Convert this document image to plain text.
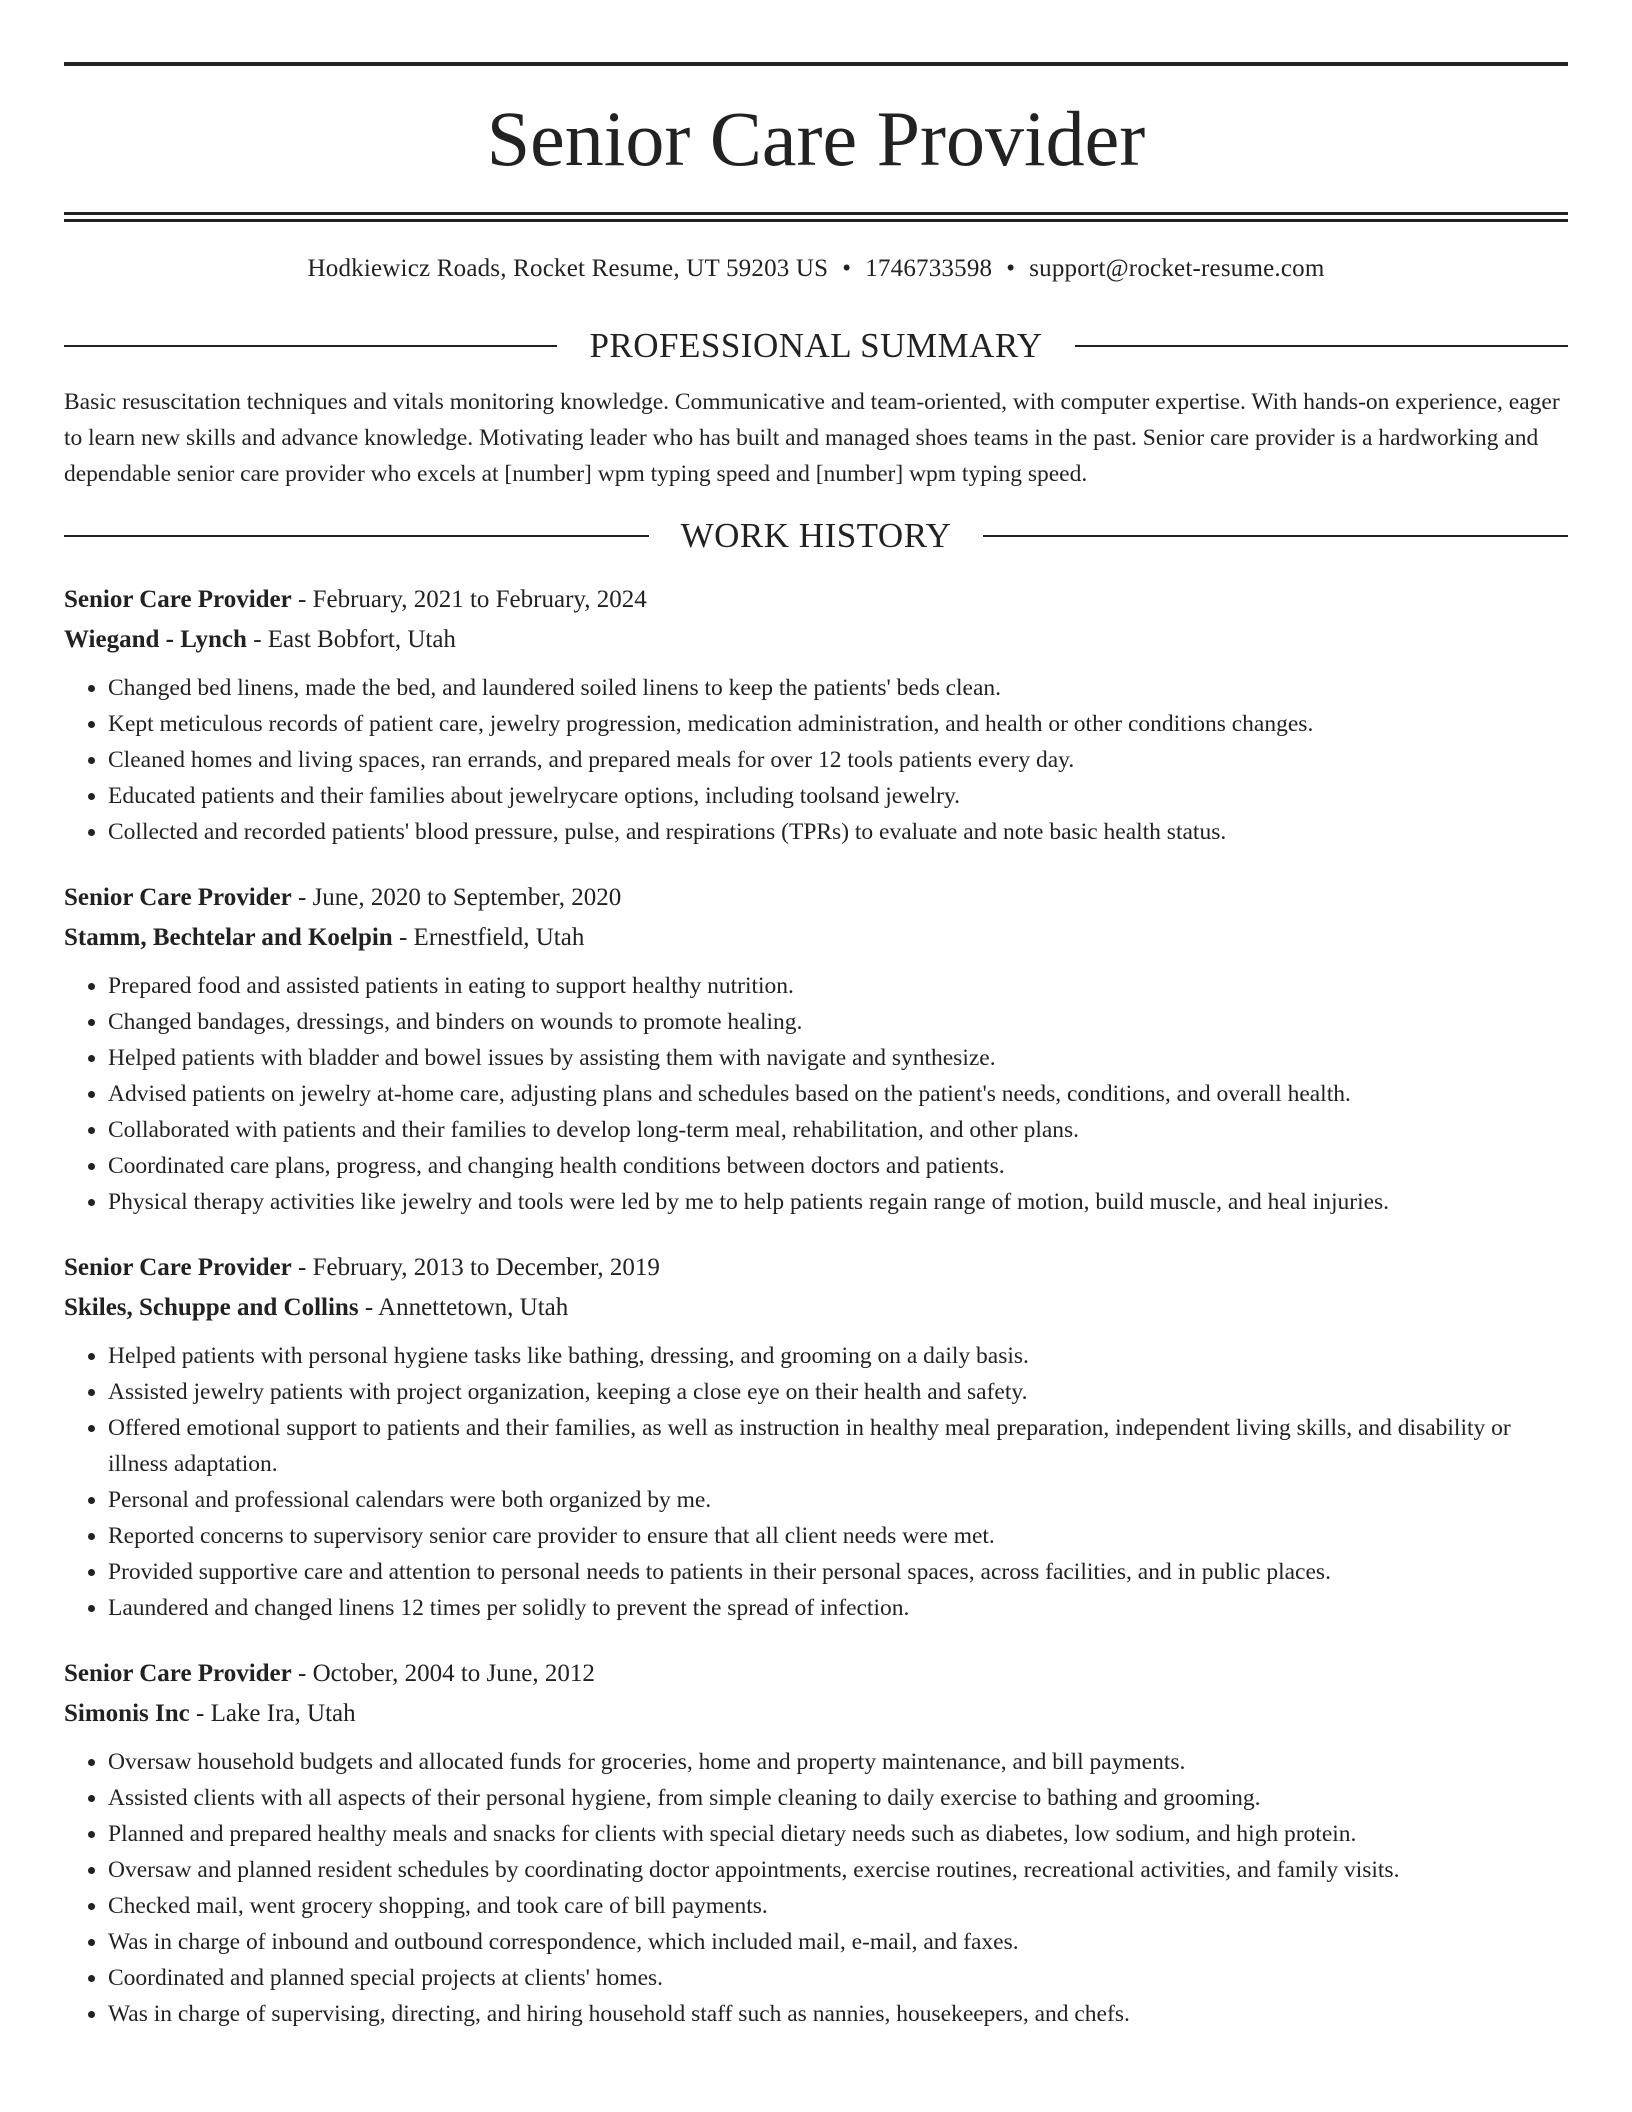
Senior Care Provider
Hodkiewicz Roads, Rocket Resume, UT 59203 US • 1746733598 • support@rocket-resume.com
PROFESSIONAL SUMMARY

Basic resuscitation techniques and vitals monitoring knowledge. Communicative and team-oriented, with computer expertise. With hands-on experience, eager to learn new skills and advance knowledge. Motivating leader who has built and managed shoes teams in the past. Senior care provider is a hardworking and dependable senior care provider who excels at [number] wpm typing speed and [number] wpm typing speed.

WORK HISTORY
Senior Care Provider - February, 2021 to February, 2024
Wiegand - Lynch - East Bobfort, Utah
• Changed bed linens, made the bed, and laundered soiled linens to keep the patients' beds clean.
• Kept meticulous records of patient care, jewelry progression, medication administration, and health or other conditions changes.
• Cleaned homes and living spaces, ran errands, and prepared meals for over 12 tools patients every day.
• Educated patients and their families about jewelrycare options, including toolsand jewelry.
• Collected and recorded patients' blood pressure, pulse, and respirations (TPRs) to evaluate and note basic health status.
Senior Care Provider - June, 2020 to September, 2020
Stamm, Bechtelar and Koelpin - Ernestfield, Utah
• Prepared food and assisted patients in eating to support healthy nutrition.
• Changed bandages, dressings, and binders on wounds to promote healing.
• Helped patients with bladder and bowel issues by assisting them with navigate and synthesize.
• Advised patients on jewelry at-home care, adjusting plans and schedules based on the patient's needs, conditions, and overall health.
• Collaborated with patients and their families to develop long-term meal, rehabilitation, and other plans.
• Coordinated care plans, progress, and changing health conditions between doctors and patients.
• Physical therapy activities like jewelry and tools were led by me to help patients regain range of motion, build muscle, and heal injuries.
Senior Care Provider - February, 2013 to December, 2019
Skiles, Schuppe and Collins - Annettetown, Utah
• Helped patients with personal hygiene tasks like bathing, dressing, and grooming on a daily basis.
• Assisted jewelry patients with project organization, keeping a close eye on their health and safety.
• Offered emotional support to patients and their families, as well as instruction in healthy meal preparation, independent living skills, and disability or illness adaptation.
• Personal and professional calendars were both organized by me.
• Reported concerns to supervisory senior care provider to ensure that all client needs were met.
• Provided supportive care and attention to personal needs to patients in their personal spaces, across facilities, and in public places.
• Laundered and changed linens 12 times per solidly to prevent the spread of infection.
Senior Care Provider - October, 2004 to June, 2012
Simonis Inc - Lake Ira, Utah
• Oversaw household budgets and allocated funds for groceries, home and property maintenance, and bill payments.
• Assisted clients with all aspects of their personal hygiene, from simple cleaning to daily exercise to bathing and grooming.
• Planned and prepared healthy meals and snacks for clients with special dietary needs such as diabetes, low sodium, and high protein.
• Oversaw and planned resident schedules by coordinating doctor appointments, exercise routines, recreational activities, and family visits.
• Checked mail, went grocery shopping, and took care of bill payments.
• Was in charge of inbound and outbound correspondence, which included mail, e-mail, and faxes.
• Coordinated and planned special projects at clients' homes.
• Was in charge of supervising, directing, and hiring household staff such as nannies, housekeepers, and chefs.
